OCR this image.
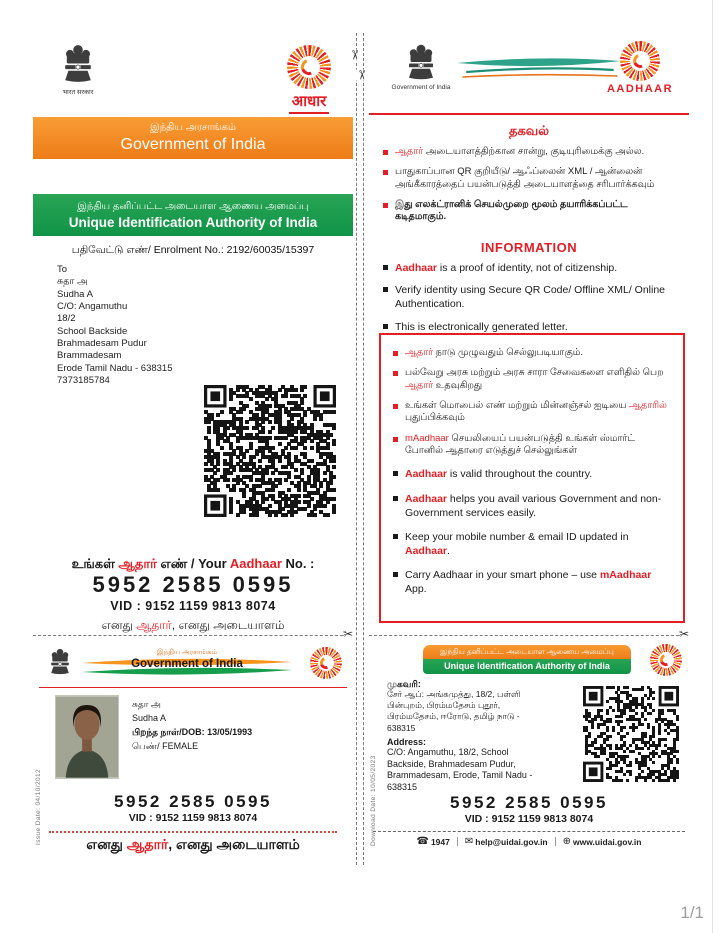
भारत सरकार
आधार
இந்திய அரசாங்கம்
Government of India
இந்திய தனிப்பட்ட அடையாள ஆணைய அமைப்பு
Unique Identification Authority of India
பதிவேட்டு எண்/ Enrolment No.: 2192/60035/15397
To
சுதா அ
Sudha A
C/O: Angamuthu
18/2
School Backside
Brahmadesam Pudur
Brammadesam
Erode Tamil Nadu - 638315
7373185784
உங்கள் ஆதார் எண் / Your Aadhaar No. :
5952 2585 0595
VID : 9152 1159 9813 8074
எனது ஆதார், எனது அடையாளம்
✂
இந்திய அரசாங்கம்
Government of India
சுதா அ
Sudha A
பிறந்த நாள்/DOB: 13/05/1993
பெண்/ FEMALE
5952 2585 0595
VID : 9152 1159 9813 8074
எனது ஆதார், எனது அடையாளம்
Issue Date: 04/10/2012
✂
✂
Government of India	AADHAAR
தகவல்
ஆதார் அடையாளத்திற்கான சான்று, குடியுரிமைக்கு அல்ல.
பாதுகாப்பான QR குறியீடு/ ஆஃப்லைன் XML / ஆன்லைன் அங்கீகாரத்தைப் பயன்படுத்தி அடையாளத்தை சரிபார்க்கவும்
இது எலக்ட்ரானிக் செயல்முறை மூலம் தயாரிக்கப்பட்ட கடிதமாகும்.
INFORMATION
Aadhaar is a proof of identity, not of citizenship.
Verify identity using Secure QR Code/ Offline XML/ Online Authentication.
This is electronically generated letter.
ஆதார் நாடு முழுவதும் செல்லுபடியாகும்.
பல்வேறு அரசு மற்றும் அரசு சாரா சேவைகளை எளிதில் பெற ஆதார் உதவுகிறது
உங்கள் மொபைல் எண் மற்றும் மின்னஞ்சல் ஐடியை ஆதாரில் புதுப்பிக்கவும்
mAadhaar செயலியைப் பயன்படுத்தி உங்கள் ஸ்மார்ட் போனில் ஆதாரை எடுத்துச் செல்லுங்கள்
Aadhaar is valid throughout the country.
Aadhaar helps you avail various Government and non-Government services easily.
Keep your mobile number & email ID updated in Aadhaar.
Carry Aadhaar in your smart phone – use mAadhaar App.
✂
இந்திய தனிப்பட்ட அடையாள ஆணைய அமைப்பு
Unique Identification Authority of India
முகவரி:
சேர் ஆப்: அங்கமுத்து, 18/2, பள்ளி பின்புறம், பிரம்மதேசம் புதூர், பிரம்மதேசம், ஈரோடு, தமிழ் நாடு - 638315
Address:
C/O: Angamuthu, 18/2, School Backside, Brahmadesam Pudur, Brammadesam, Erode, Tamil Nadu - 638315
5952 2585 0595
VID : 9152 1159 9813 8074
☎ 1947 ✉ help@uidai.gov.in ⊕ www.uidai.gov.in
Download Date: 10/05/2023
1/1
